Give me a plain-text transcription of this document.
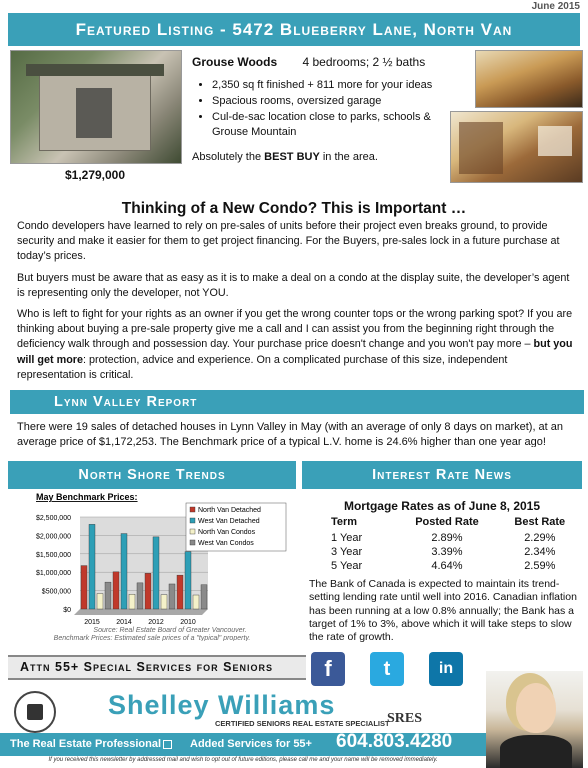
June 2015
Featured Listing - 5472 Blueberry Lane, North Van
$1,279,000
Grouse Woods 4 bedrooms; 2 ½ baths
• 2,350 sq ft finished + 811 more for your ideas
• Spacious rooms, oversized garage
• Cul-de-sac location close to parks, schools & Grouse Mountain
Absolutely the BEST BUY in the area.
Thinking of a New Condo? This is Important …

Condo developers have learned to rely on pre-sales of units before their project even breaks ground, to provide security and make it easier for them to get project financing. For the Buyers, pre-sales lock in a future purchase at today’s prices.

But buyers must be aware that as easy as it is to make a deal on a condo at the display suite, the developer’s agent is representing only the developer, not YOU.

Who is left to fight for your rights as an owner if you get the wrong counter tops or the wrong parking spot? If you are thinking about buying a pre-sale property give me a call and I can assist you from the beginning right through the deficiency walk through and possession day. Your purchase price doesn't change and you won't pay more – but you will get more: protection, advice and experience. On a complicated purchase of this size, independent representation is critical.

Lynn Valley Report
There were 19 sales of detached houses in Lynn Valley in May (with an average of only 8 days on market), at an average price of $1,172,253. The Benchmark price of a typical L.V. home is 24.6% higher than one year ago!
North Shore Trends	Interest Rate News
May Benchmark Prices:
$2,500,000
$2,000,000
$1,500,000
$1,000,000
$500,000
$0
2015 2014 2012 2010
North Van Detached
West Van Detached
North Van Condos
West Van Condos
Source: Real Estate Board of Greater Vancouver.
Benchmark Prices: Estimated sale prices of a "typical" property.
Mortgage Rates as of June 8, 2015
Term	Posted Rate	Best Rate
1 Year	2.89%	2.29%
3 Year	3.39%	2.34%
5 Year	4.64%	2.59%
The Bank of Canada is expected to maintain its trend-setting lending rate until well into 2016. Canadian inflation has been running at a low 0.8% annually; the Bank has a target of 1% to 3%, above which it will take steps to slow the rate of growth.
Attn 55+ Special Services for Seniors	f	t	in
Shelley Williams
CERTIFIED SENIORS REAL ESTATE SPECIALIST
SRES
The Real Estate Professional	Added Services for 55+ 604.803.4280
If you received this newsletter by addressed mail and wish to opt out of future editions, please call me and your name will be removed immediately.
